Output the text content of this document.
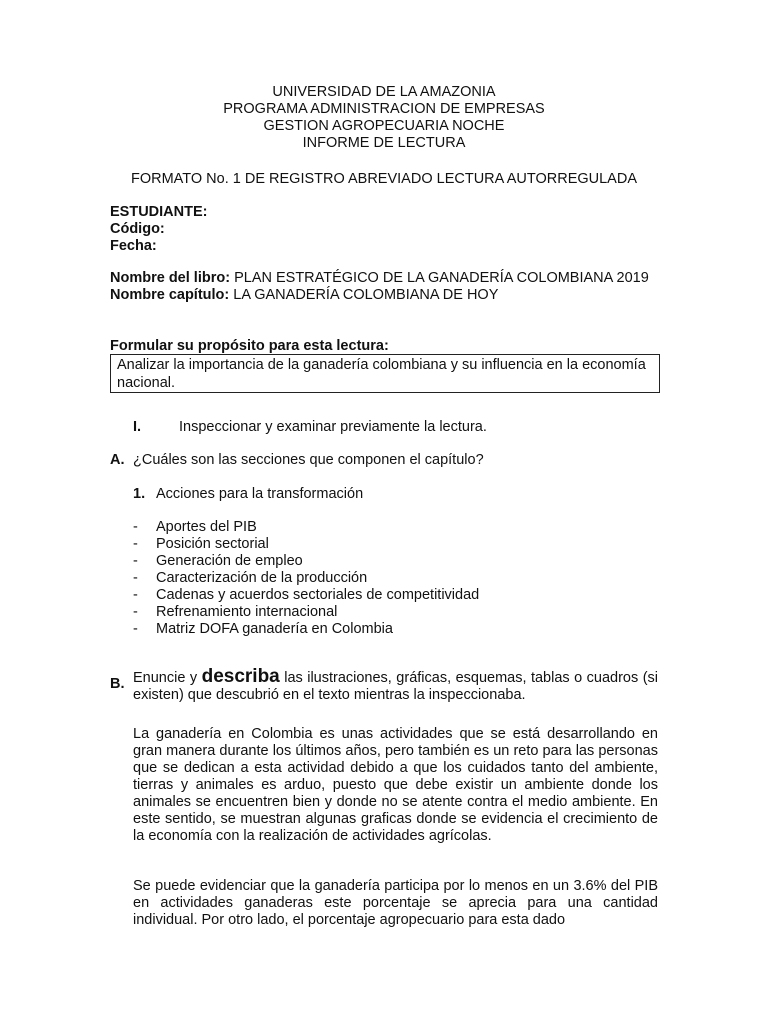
UNIVERSIDAD DE LA AMAZONIA
PROGRAMA ADMINISTRACION DE EMPRESAS
GESTION AGROPECUARIA NOCHE
INFORME DE LECTURA
FORMATO No. 1 DE REGISTRO ABREVIADO LECTURA AUTORREGULADA
ESTUDIANTE:
Código:
Fecha:
Nombre del libro: PLAN ESTRATÉGICO DE LA GANADERÍA COLOMBIANA 2019
Nombre capítulo: LA GANADERÍA COLOMBIANA DE HOY
Formular su propósito para esta lectura:
Analizar la importancia de la ganadería colombiana y su influencia en la economía nacional.
I.	Inspeccionar y examinar previamente la lectura.
A. ¿Cuáles son las secciones que componen el capítulo?
1. Acciones para la transformación
- Aportes del PIB
- Posición sectorial
- Generación de empleo
- Caracterización de la producción
- Cadenas y acuerdos sectoriales de competitividad
- Refrenamiento internacional
- Matriz DOFA ganadería en Colombia
B. Enuncie y describa las ilustraciones, gráficas, esquemas, tablas o cuadros (si existen) que descubrió en el texto mientras la inspeccionaba.

La ganadería en Colombia es unas actividades que se está desarrollando en gran manera durante los últimos años, pero también es un reto para las personas que se dedican a esta actividad debido a que los cuidados tanto del ambiente, tierras y animales es arduo, puesto que debe existir un ambiente donde los animales se encuentren bien y donde no se atente contra el medio ambiente. En este sentido, se muestran algunas graficas donde se evidencia el crecimiento de la economía con la realización de actividades agrícolas.

Se puede evidenciar que la ganadería participa por lo menos en un 3.6% del PIB en actividades ganaderas este porcentaje se aprecia para una cantidad individual. Por otro lado, el porcentaje agropecuario para esta dado
